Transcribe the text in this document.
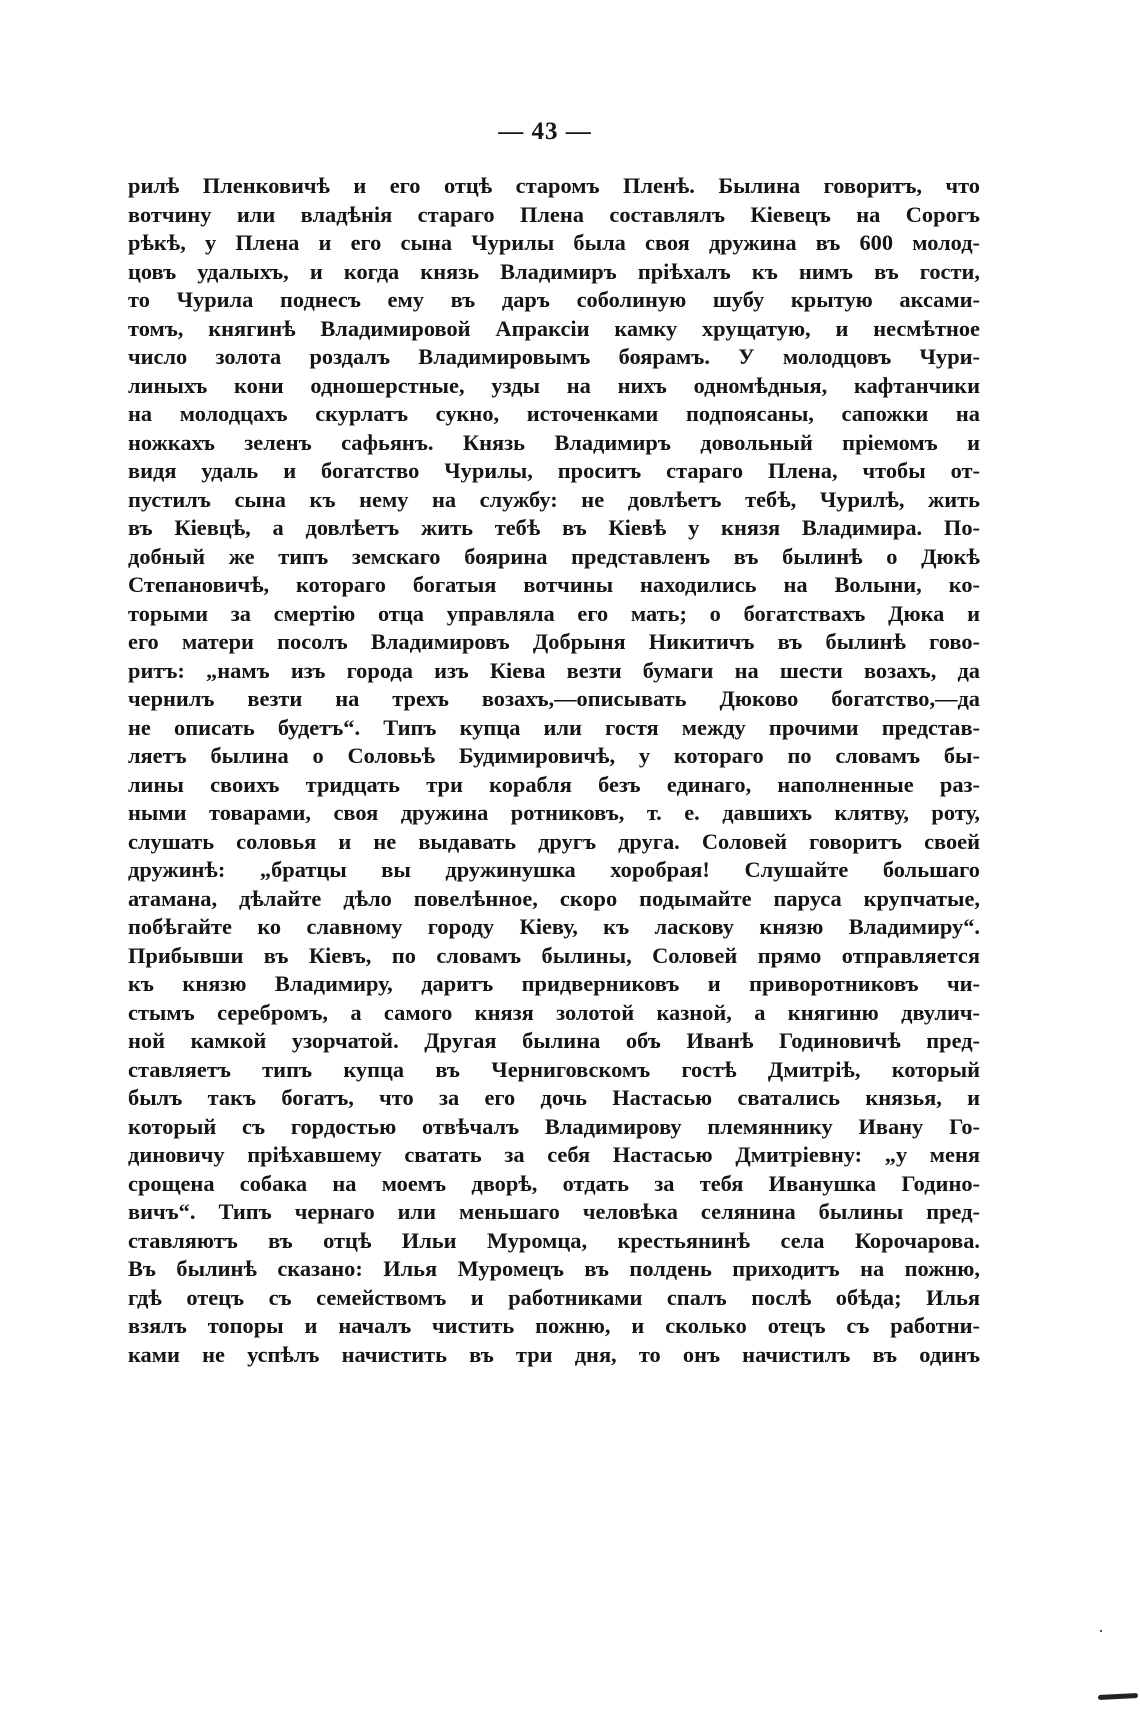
— 43 —
рилѣ Пленковичѣ и его отцѣ старомъ Пленѣ. Былина говоритъ, что
вотчину или владѣнія стараго Плена составлялъ Кіевецъ на Сорогъ
рѣкѣ, у Плена и его сына Чурилы была своя дружина въ 600 молод-
цовъ удалыхъ, и когда князь Владимиръ пріѣхалъ къ нимъ въ гости,
то Чурила поднесъ ему въ даръ соболиную шубу крытую аксами-
томъ, княгинѣ Владимировой Апраксіи камку хрущатую, и несмѣтное
число золота роздалъ Владимировымъ боярамъ. У молодцовъ Чури-
линыхъ кони одношерстные, узды на нихъ одномѣдныя, кафтанчики
на молодцахъ скурлатъ сукно, источенками подпоясаны, сапожки на
ножкахъ зеленъ сафьянъ. Князь Владимиръ довольный пріемомъ и
видя удаль и богатство Чурилы, проситъ стараго Плена, чтобы от-
пустилъ сына къ нему на службу: не довлѣетъ тебѣ, Чурилѣ, жить
въ Кіевцѣ, а довлѣетъ жить тебѣ въ Кіевѣ у князя Владимира. По-
добный же типъ земскаго боярина представленъ въ былинѣ о Дюкѣ
Степановичѣ, котораго богатыя вотчины находились на Волыни, ко-
торыми за смертію отца управляла его мать; о богатствахъ Дюка и
его матери посолъ Владимировъ Добрыня Никитичъ въ былинѣ гово-
ритъ: „намъ изъ города изъ Кіева везти бумаги на шести возахъ, да
чернилъ везти на трехъ возахъ,—описывать Дюково богатство,—да
не описать будетъ“. Типъ купца или гостя между прочими представ-
ляетъ былина о Соловьѣ Будимировичѣ, у котораго по словамъ бы-
лины своихъ тридцать три корабля безъ единаго, наполненные раз-
ными товарами, своя дружина ротниковъ, т. е. давшихъ клятву, роту,
слушать соловья и не выдавать другъ друга. Соловей говоритъ своей
дружинѣ: „братцы вы дружинушка хоробрая! Слушайте большаго
атамана, дѣлайте дѣло повелѣнное, скоро подымайте паруса крупчатые,
побѣгайте ко славному городу Кіеву, къ ласкову князю Владимиру“.
Прибывши въ Кіевъ, по словамъ былины, Соловей прямо отправляется
къ князю Владимиру, даритъ придверниковъ и приворотниковъ чи-
стымъ серебромъ, а самого князя золотой казной, а княгиню двулич-
ной камкой узорчатой. Другая былина объ Иванѣ Годиновичѣ пред-
ставляетъ типъ купца въ Черниговскомъ гостѣ Дмитріѣ, который
былъ такъ богатъ, что за его дочь Настасью сватались князья, и
который съ гордостью отвѣчалъ Владимирову племяннику Ивану Го-
диновичу пріѣхавшему сватать за себя Настасью Дмитріевну: „у меня
срощена собака на моемъ дворѣ, отдать за тебя Иванушка Годино-
вичъ“. Типъ чернаго или меньшаго человѣка селянина былины пред-
ставляютъ въ отцѣ Ильи Муромца, крестьянинѣ села Корочарова.
Въ былинѣ сказано: Илья Муромецъ въ полдень приходитъ на пожню,
гдѣ отецъ съ семействомъ и работниками спалъ послѣ обѣда; Илья
взялъ топоры и началъ чистить пожню, и сколько отецъ съ работни-
ками не успѣлъ начистить въ три дня, то онъ начистилъ въ одинъ
